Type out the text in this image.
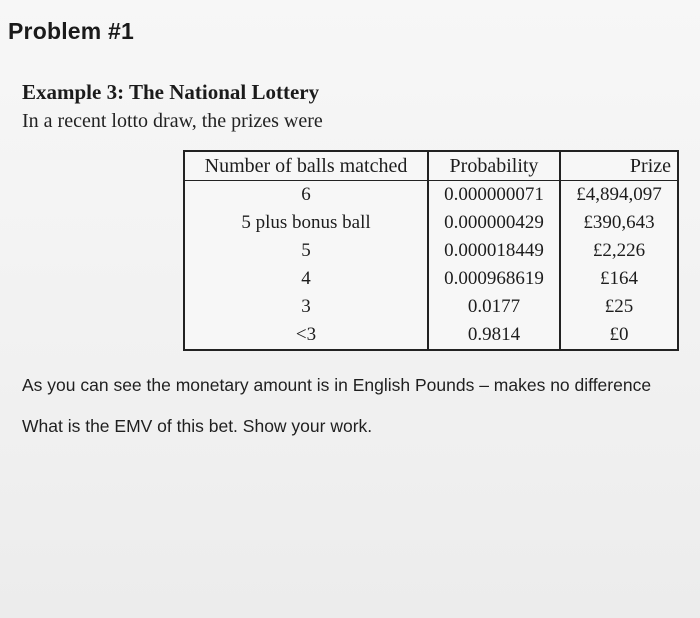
Problem #1
Example 3: The National Lottery
In a recent lotto draw, the prizes were
Number of balls matched	Probability	Prize
6	0.000000071	£4,894,097
5 plus bonus ball	0.000000429	£390,643
5	0.000018449	£2,226
4	0.000968619	£164
3	0.0177	£25
<3	0.9814	£0
As you can see the monetary amount is in English Pounds – makes no difference
What is the EMV of this bet. Show your work.
